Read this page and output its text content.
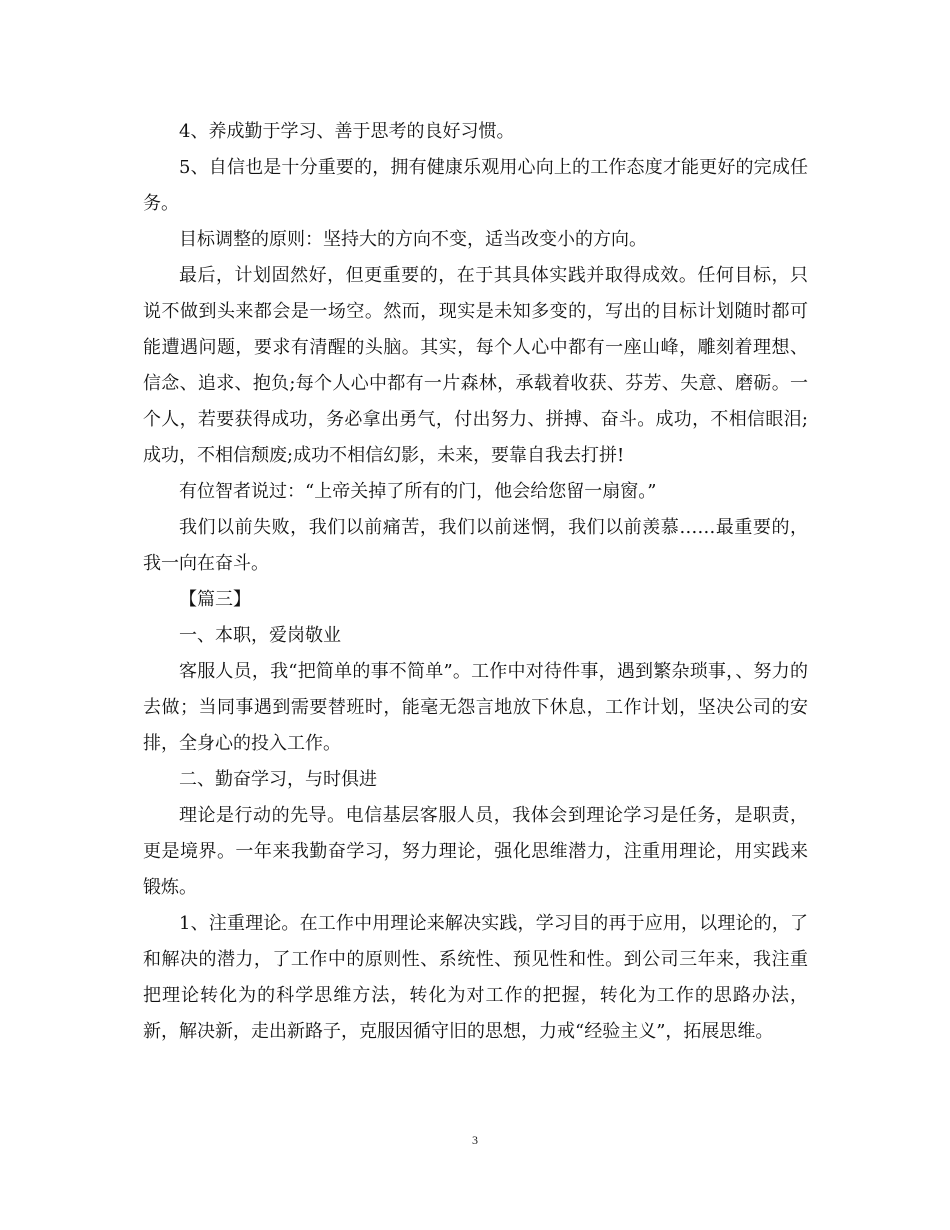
4、养成勤于学习、善于思考的良好习惯。

5、自信也是十分重要的，拥有健康乐观用心向上的工作态度才能更好的完成任务。

目标调整的原则：坚持大的方向不变，适当改变小的方向。

最后，计划固然好，但更重要的，在于其具体实践并取得成效。任何目标，只说不做到头来都会是一场空。然而，现实是未知多变的，写出的目标计划随时都可能遭遇问题，要求有清醒的头脑。其实，每个人心中都有一座山峰，雕刻着理想、信念、追求、抱负;每个人心中都有一片森林，承载着收获、芬芳、失意、磨砺。一个人，若要获得成功，务必拿出勇气，付出努力、拼搏、奋斗。成功，不相信眼泪;成功，不相信颓废;成功不相信幻影，未来，要靠自我去打拼!

有位智者说过：“上帝关掉了所有的门，他会给您留一扇窗。”

我们以前失败，我们以前痛苦，我们以前迷惘，我们以前羡慕……最重要的，我一向在奋斗。

【篇三】

一、本职，爱岗敬业

客服人员，我“把简单的事不简单”。工作中对待件事，遇到繁杂琐事，、努力的去做；当同事遇到需要替班时，能毫无怨言地放下休息，工作计划，坚决公司的安排，全身心的投入工作。

二、勤奋学习，与时俱进

理论是行动的先导。电信基层客服人员，我体会到理论学习是任务，是职责，更是境界。一年来我勤奋学习，努力理论，强化思维潜力，注重用理论，用实践来锻炼。

1、注重理论。在工作中用理论来解决实践，学习目的再于应用，以理论的，了和解决的潜力，了工作中的原则性、系统性、预见性和性。到公司三年来，我注重把理论转化为的科学思维方法，转化为对工作的把握，转化为工作的思路办法，新，解决新，走出新路子，克服因循守旧的思想，力戒“经验主义”，拓展思维。

3
